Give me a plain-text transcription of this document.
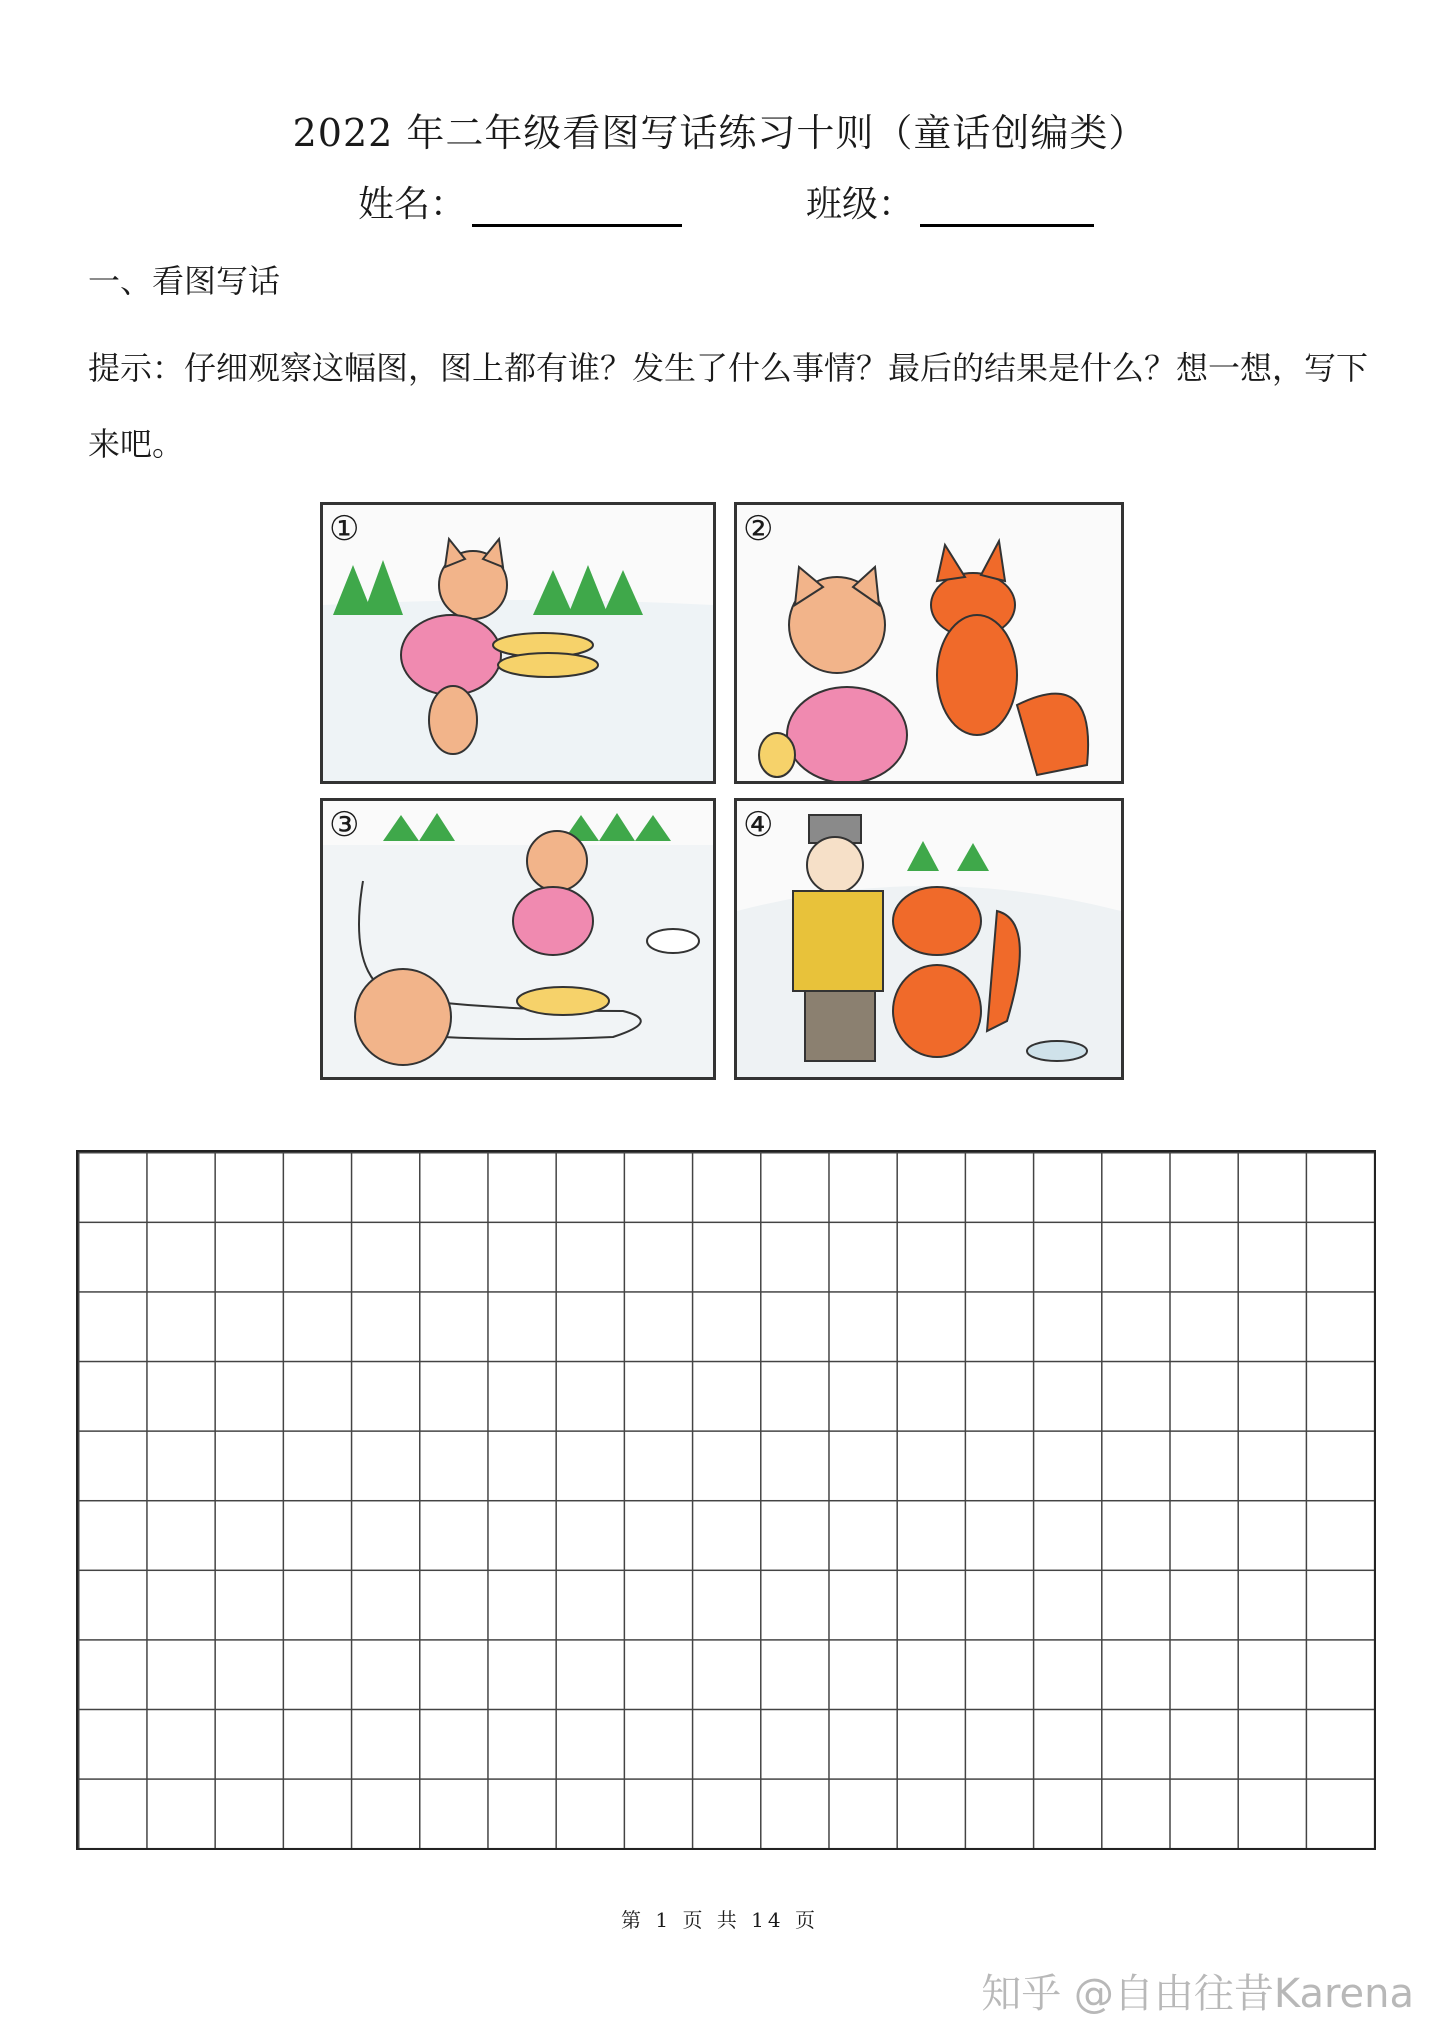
2022 年二年级看图写话练习十则（童话创编类）
姓名：	班级：
一、看图写话
提示：仔细观察这幅图，图上都有谁？发生了什么事情？最后的结果是什么？想一想，写下来吧。
①	②
③	④
第 1 页 共 14 页
知乎 @自由往昔Karena
